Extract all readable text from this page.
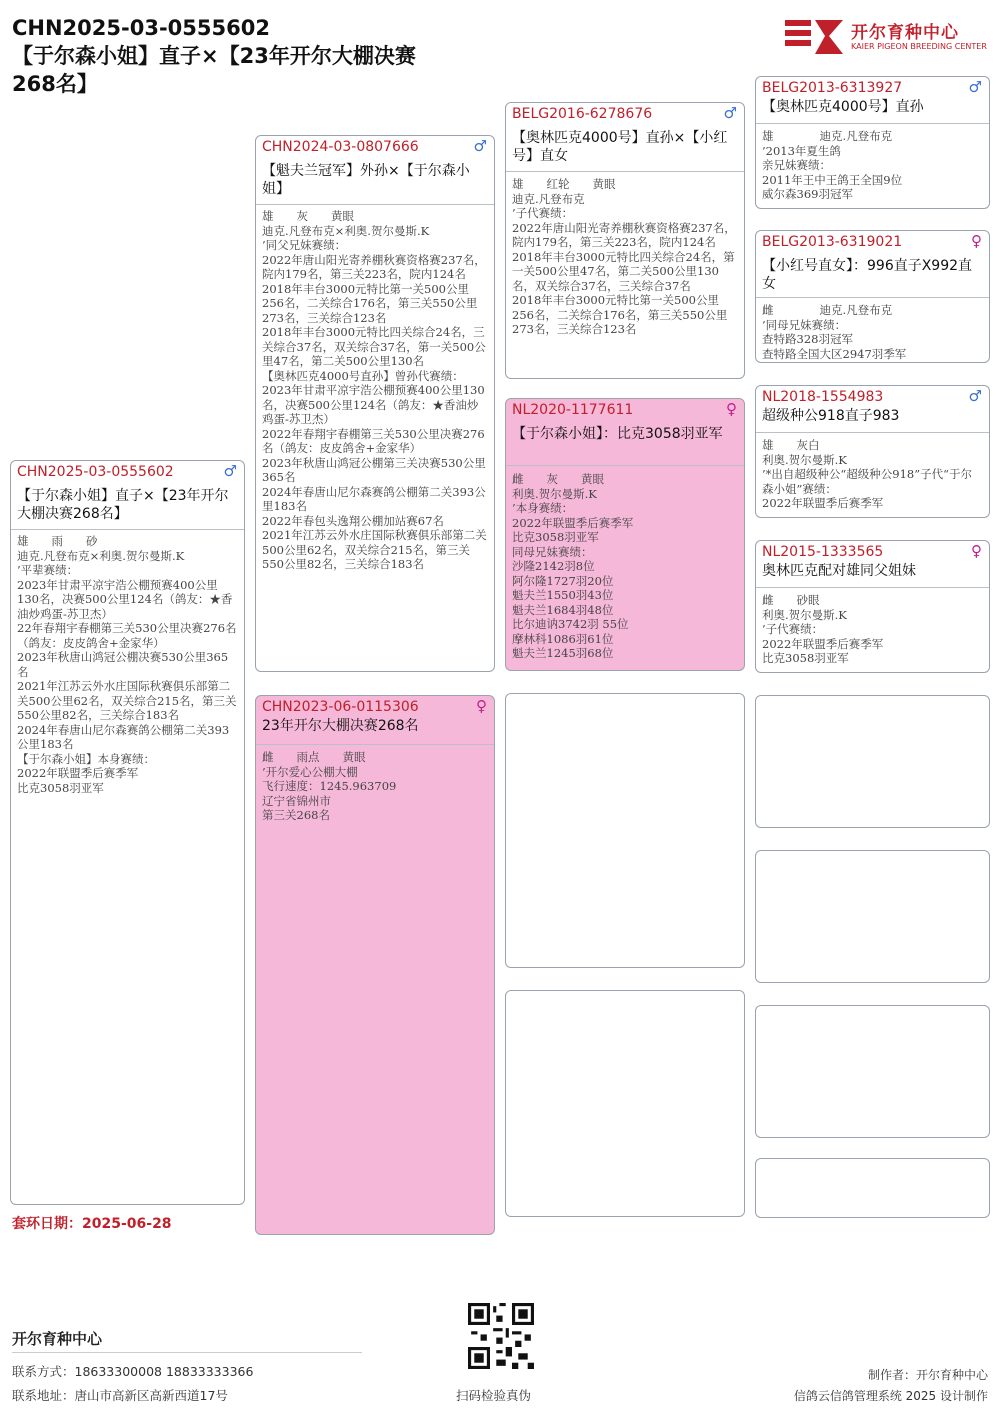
CHN2025-03-0555602
【于尔森小姐】直子×【23年开尔大棚决赛
268名】
开尔育种中心
KAIER PIGEON BREEDING CENTER
CHN2025-03-0555602	♂
【于尔森小姐】直子×【23年开尔大棚决赛268名】
雄　　雨　　砂
迪克.凡登布克×利奥.贺尔曼斯.K
’平辈赛绩：
2023年甘肃平凉宇浩公棚预赛400公里130名，决赛500公里124名（鸽友：★香油炒鸡蛋-苏卫杰）
22年春翔宇春棚第三关530公里决赛276名（鸽友：皮皮鸽舍+金家华）
2023年秋唐山鸿冠公棚决赛530公里365名
2021年江苏云外水庄国际秋赛俱乐部第二关500公里62名，双关综合215名，第三关550公里82名，三关综合183名
2024年春唐山尼尔森赛鸽公棚第二关393公里183名
【于尔森小姐】本身赛绩：
2022年联盟季后赛季军
比克3058羽亚军
CHN2024-03-0807666	♂
【魁夫兰冠军】外孙×【于尔森小姐】
雄　　灰　　黄眼
迪克.凡登布克×利奥.贺尔曼斯.K
’同父兄妹赛绩：
2022年唐山阳光寄养棚秋赛资格赛237名，院内179名，第三关223名，院内124名
2018年丰台3000元特比第一关500公里256名，二关综合176名，第三关550公里273名，三关综合123名
2018年丰台3000元特比四关综合24名，三关综合37名，双关综合37名，第一关500公里47名，第二关500公里130名
【奥林匹克4000号直孙】曾孙代赛绩：
2023年甘肃平凉宇浩公棚预赛400公里130名，决赛500公里124名（鸽友：★香油炒鸡蛋-苏卫杰）
2022年春翔宇春棚第三关530公里决赛276名（鸽友：皮皮鸽舍+金家华）
2023年秋唐山鸿冠公棚第三关决赛530公里365名
2024年春唐山尼尔森赛鸽公棚第二关393公里183名
2022年春包头逸翔公棚加站赛67名
2021年江苏云外水庄国际秋赛俱乐部第二关500公里62名，双关综合215名，第三关550公里82名，三关综合183名
CHN2023-06-0115306	♀
23年开尔大棚决赛268名
雌　　雨点　　黄眼
’开尔爱心公棚大棚
飞行速度：1245.963709
辽宁省锦州市
第三关268名
BELG2016-6278676	♂
【奥林匹克4000号】直孙×【小红号】直女
雄　　红轮　　黄眼
迪克.凡登布克
’子代赛绩：
2022年唐山阳光寄养棚秋赛资格赛237名，院内179名，第三关223名，院内124名
2018年丰台3000元特比四关综合24名，第一关500公里47名，第二关500公里130名，双关综合37名，三关综合37名
2018年丰台3000元特比第一关500公里256名，二关综合176名，第三关550公里273名，三关综合123名
NL2020-1177611	♀
【于尔森小姐】：比克3058羽亚军
雌　　灰　　黄眼
利奥.贺尔曼斯.K
’本身赛绩：
2022年联盟季后赛季军
比克3058羽亚军
同母兄妹赛绩：
沙隆2142羽8位
阿尔隆1727羽20位
魁夫兰1550羽43位
魁夫兰1684羽48位
比尔迪讷3742羽 55位
摩林科1086羽61位
魁夫兰1245羽68位
BELG2013-6313927	♂
【奥林匹克4000号】直孙
雄　　　　迪克.凡登布克
’2013年夏生鸽
亲兄妹赛绩：
2011年王中王鸽王全国9位
威尔森369羽冠军
BELG2013-6319021	♀
【小红号直女】：996直子X992直女
雌　　　　迪克.凡登布克
’同母兄妹赛绩：
查特路328羽冠军
查特路全国大区2947羽季军
NL2018-1554983	♂
超级种公918直子983
雄　　灰白
利奥.贺尔曼斯.K
’*出自超级种公“超级种公918”子代“于尔森小姐”赛绩：
2022年联盟季后赛季军
NL2015-1333565	♀
奥林匹克配对雄同父姐妹
雌　　砂眼
利奥.贺尔曼斯.K
’子代赛绩：
2022年联盟季后赛季军
比克3058羽亚军
套环日期：2025-06-28
开尔育种中心
联系方式：18633300008 18833333366
联系地址：唐山市高新区高新西道17号	扫码检验真伪
制作者：开尔育种中心
信鸽云信鸽管理系统 2025 设计制作
